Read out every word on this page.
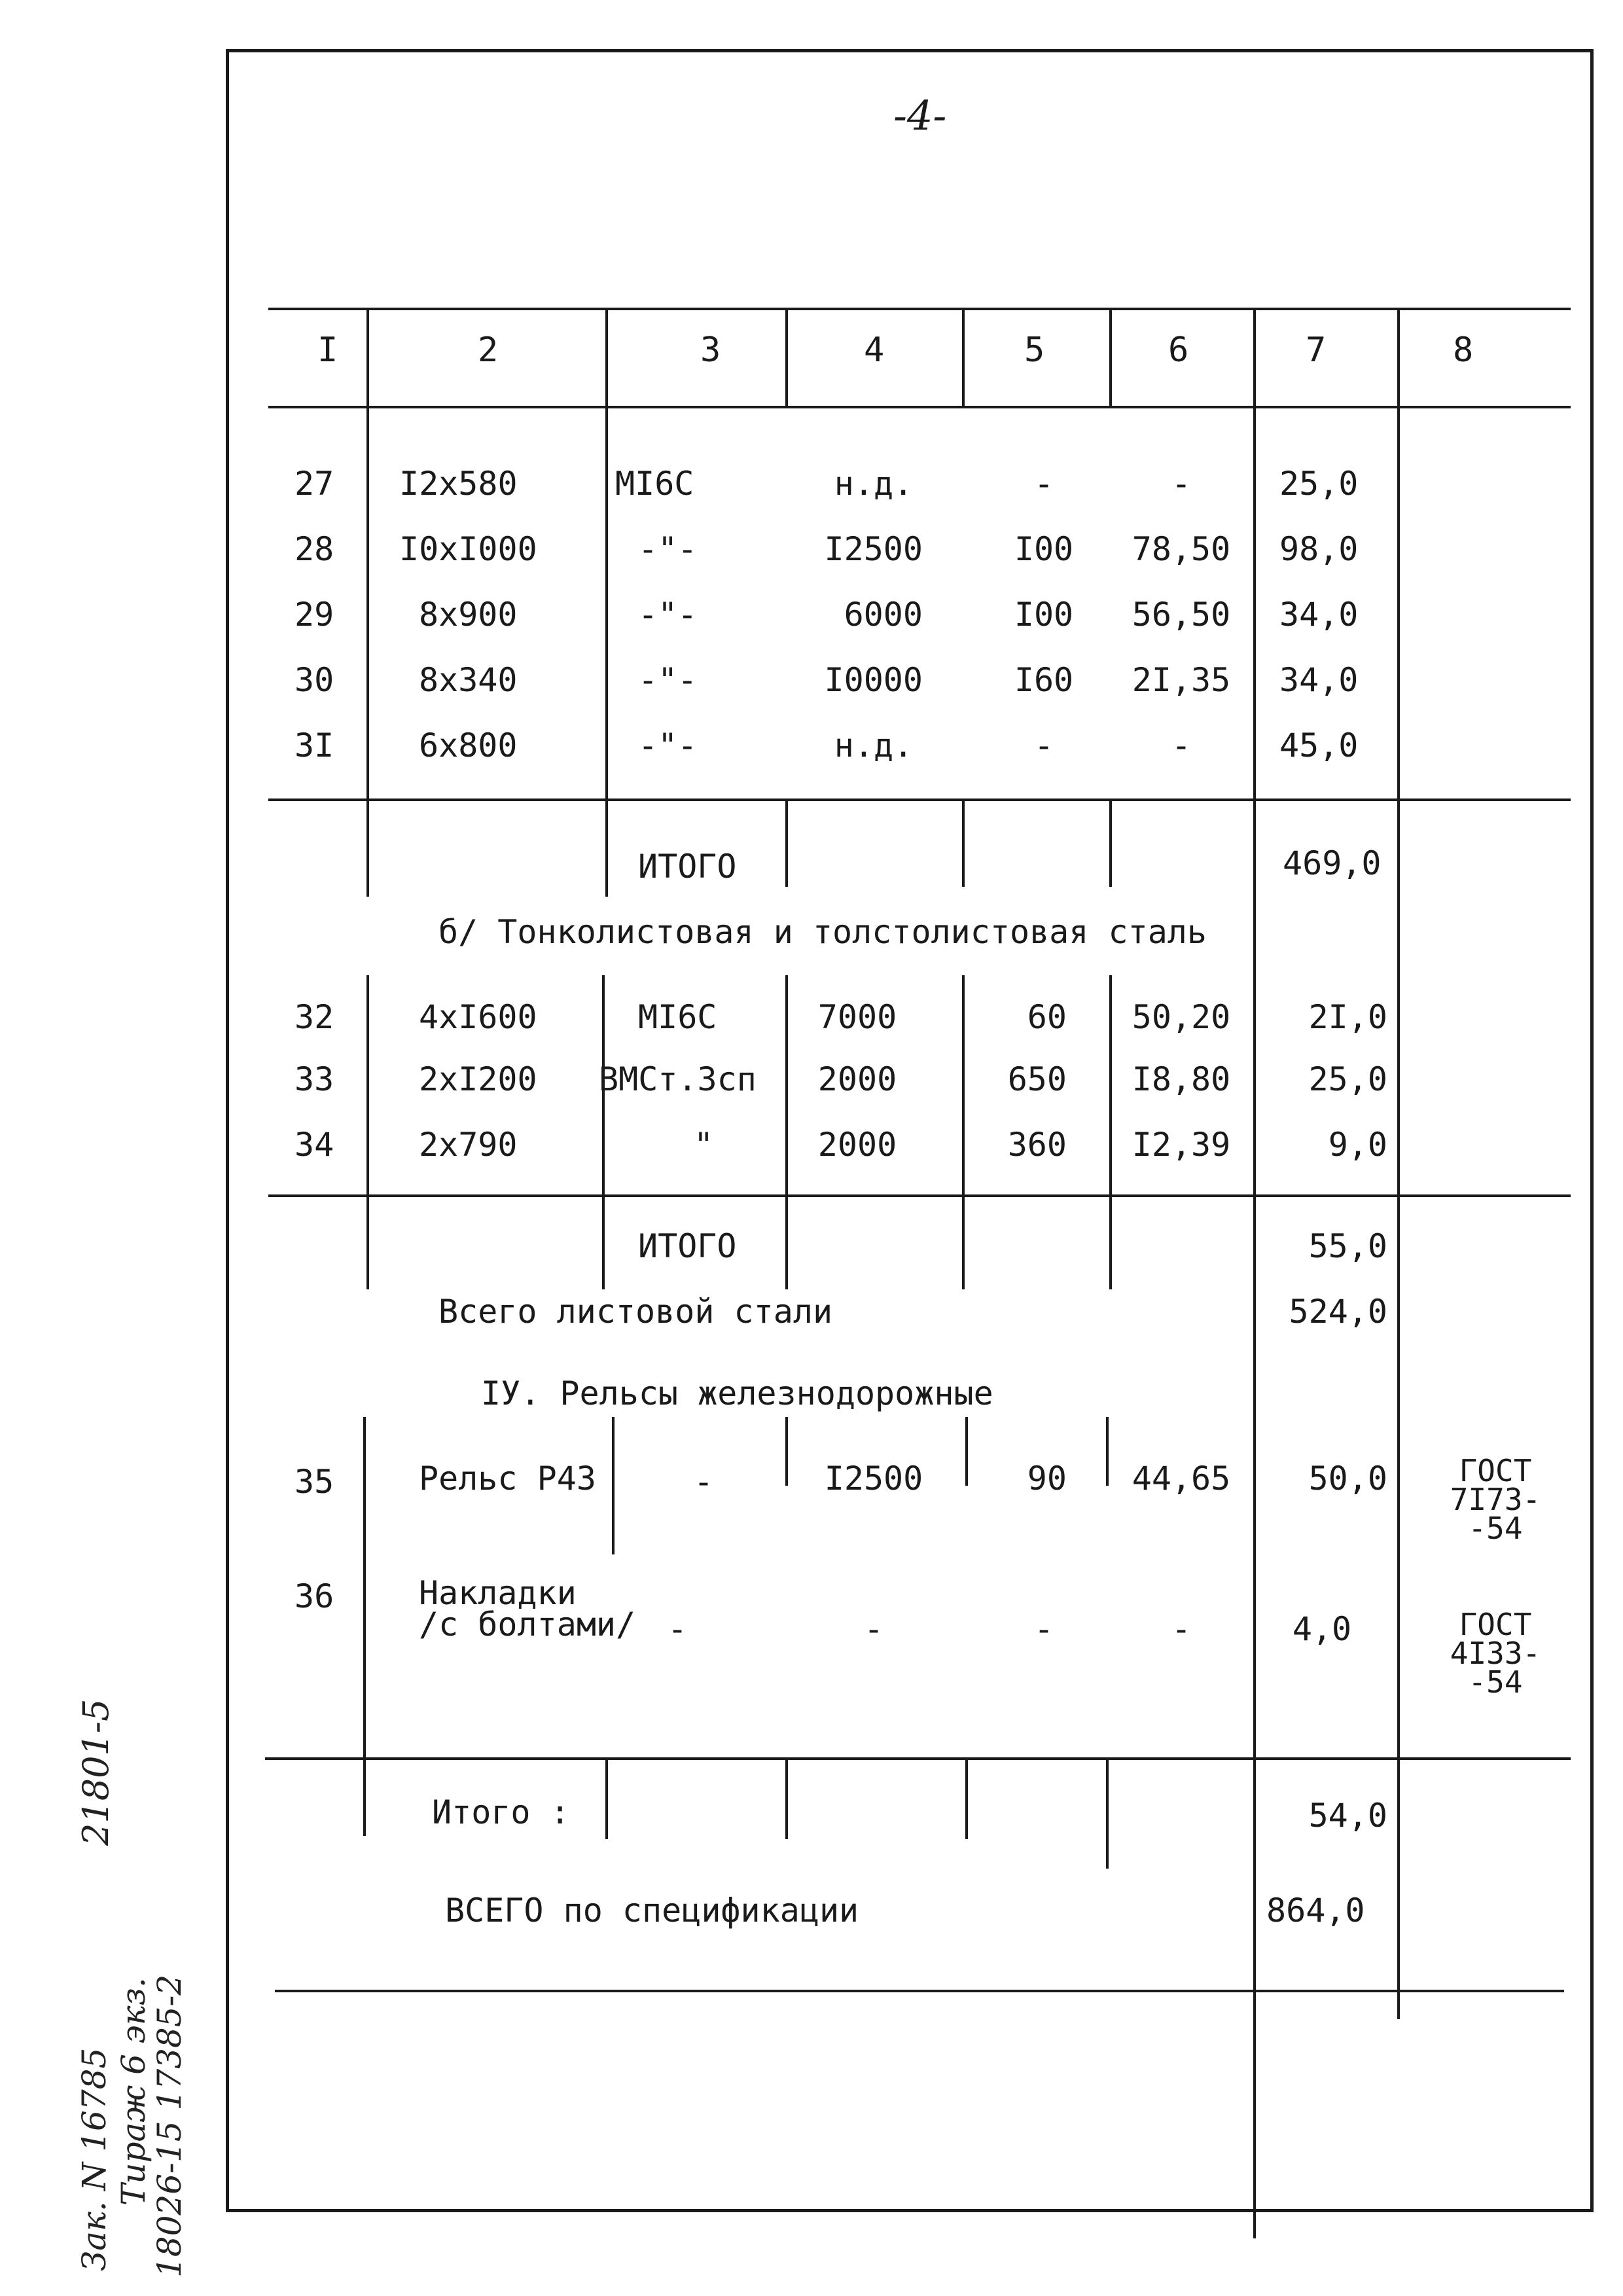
-4-
I	2	3	4	5	6	7	8
27 I2x580	MI6C	н.д.	-	-	25,0
28 I0xI000	-"-	I2500	I00	78,50	98,0
29	8x900	-"-	6000	I00	56,50	34,0
30	8x340	-"-	I0000	I60	2I,35	34,0
3I	6x800	-"-	н.д.	-	-	45,0
ИТОГО	469,0
б/ Тонколистовая и толстолистовая сталь
32	4xI600	MI6C	7000	60	50,20	2I,0
33	2xI200 ВМСт.3сп	2000	650	I8,80	25,0
34	2x790	"	2000	360	I2,39	9,0
ИТОГО	55,0
Всего листовой стали	524,0
IУ. Рельсы железнодорожные
35	Рельс Р43	-	I2500	90	44,65	50,0	ГОСТ
7I73-
-54
36	Накладки
/с болтами/ -	-	-	-	4,0	ГОСТ
4I33-
-54
Итого :	54,0
ВСЕГО по спецификации	864,0
21801-5
Зак. N 16785 Тираж 6 экз.
18026-15 17385-2
